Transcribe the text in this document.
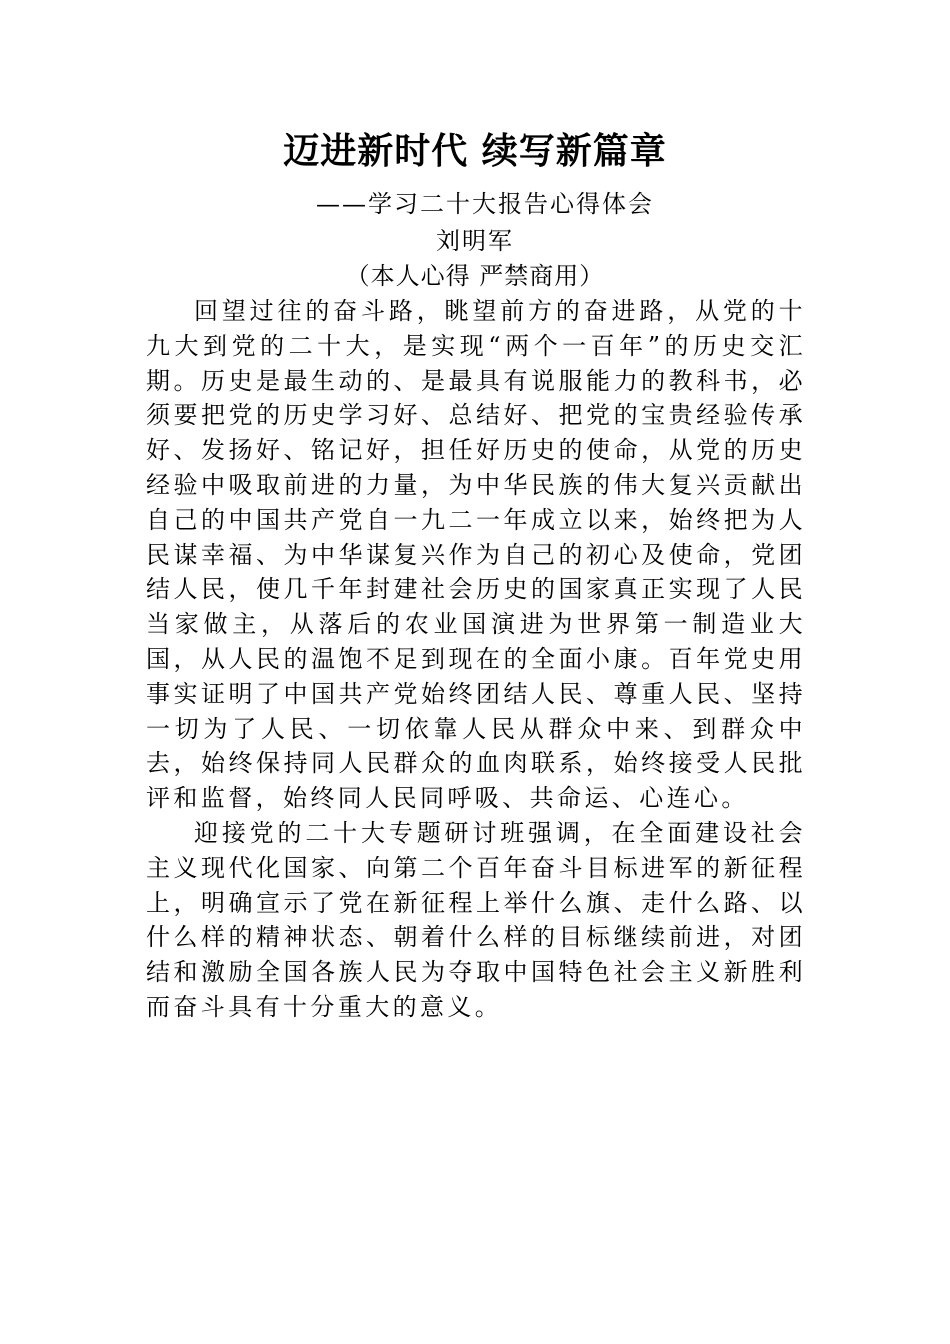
迈进新时代 续写新篇章
——学习二十大报告心得体会
刘明军
（本人心得 严禁商用）

回望过往的奋斗路，眺望前方的奋进路，从党的十九大到党的二十大，是实现“两个一百年”的历史交汇期。历史是最生动的、是最具有说服能力的教科书，必须要把党的历史学习好、总结好、把党的宝贵经验传承好、发扬好、铭记好，担任好历史的使命，从党的历史经验中吸取前进的力量，为中华民族的伟大复兴贡献出自己的中国共产党自一九二一年成立以来，始终把为人民谋幸福、为中华谋复兴作为自己的初心及使命，党团结人民，使几千年封建社会历史的国家真正实现了人民当家做主，从落后的农业国演进为世界第一制造业大国，从人民的温饱不足到现在的全面小康。百年党史用事实证明了中国共产党始终团结人民、尊重人民、坚持一切为了人民、一切依靠人民从群众中来、到群众中去，始终保持同人民群众的血肉联系，始终接受人民批评和监督，始终同人民同呼吸、共命运、心连心。

迎接党的二十大专题研讨班强调，在全面建设社会主义现代化国家、向第二个百年奋斗目标进军的新征程上，明确宣示了党在新征程上举什么旗、走什么路、以什么样的精神状态、朝着什么样的目标继续前进，对团结和激励全国各族人民为夺取中国特色社会主义新胜利而奋斗具有十分重大的意义。
